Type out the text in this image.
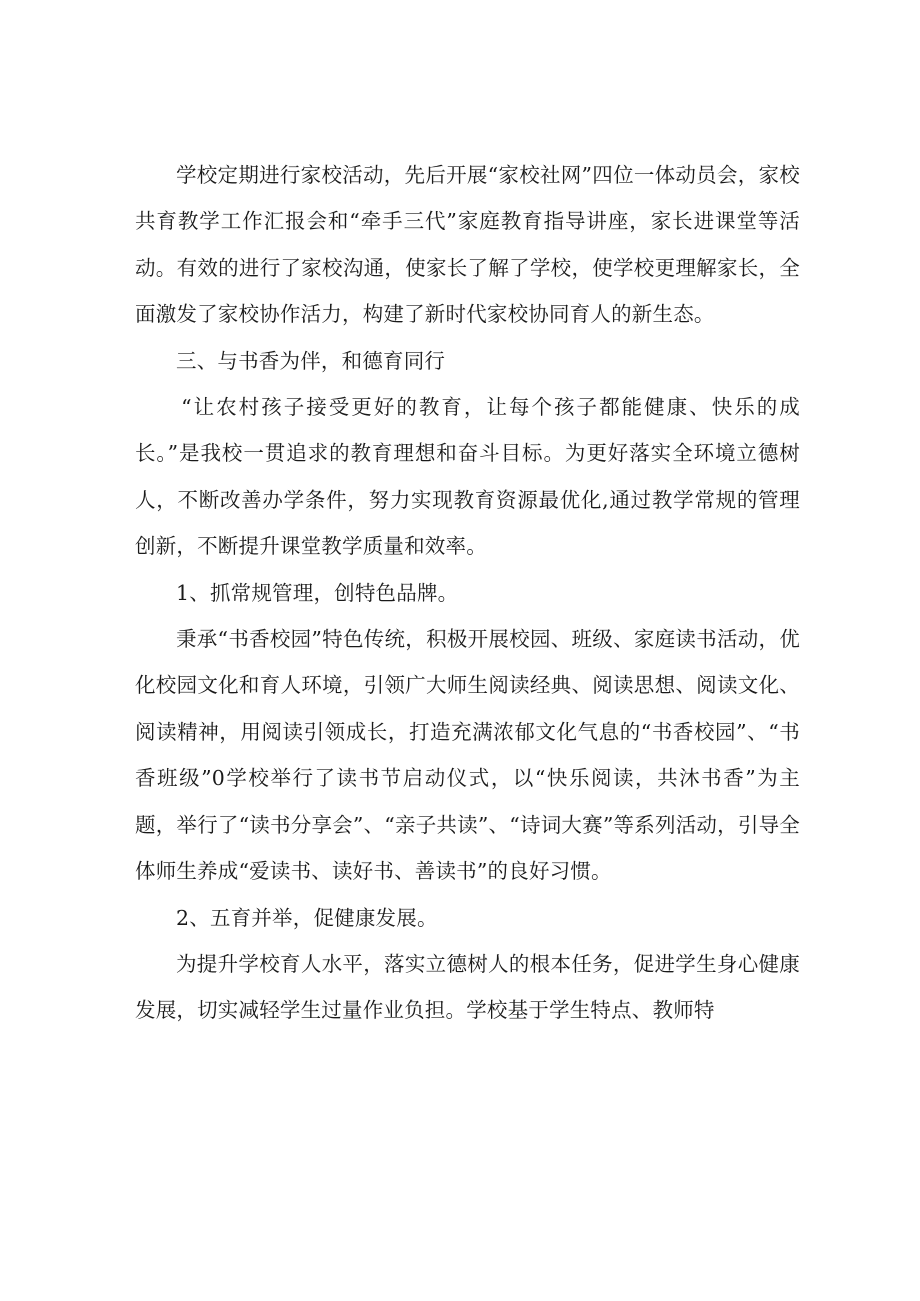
学校定期进行家校活动，先后开展“家校社网”四位一体动员会，家校共育教学工作汇报会和“牵手三代”家庭教育指导讲座，家长进课堂等活动。有效的进行了家校沟通，使家长了解了学校，使学校更理解家长，全面激发了家校协作活力，构建了新时代家校协同育人的新生态。

三、与书香为伴，和德育同行

“让农村孩子接受更好的教育，让每个孩子都能健康、快乐的成长。”是我校一贯追求的教育理想和奋斗目标。为更好落实全环境立德树人，不断改善办学条件，努力实现教育资源最优化,通过教学常规的管理创新，不断提升课堂教学质量和效率。

1、抓常规管理，创特色品牌。

秉承“书香校园”特色传统，积极开展校园、班级、家庭读书活动，优化校园文化和育人环境，引领广大师生阅读经典、阅读思想、阅读文化、阅读精神，用阅读引领成长，打造充满浓郁文化气息的“书香校园”、“书香班级”0学校举行了读书节启动仪式，以“快乐阅读，共沐书香”为主题，举行了“读书分享会”、“亲子共读”、“诗词大赛”等系列活动，引导全体师生养成“爱读书、读好书、善读书”的良好习惯。

2、五育并举，促健康发展。

为提升学校育人水平，落实立德树人的根本任务，促进学生身心健康发展，切实减轻学生过量作业负担。学校基于学生特点、教师特
